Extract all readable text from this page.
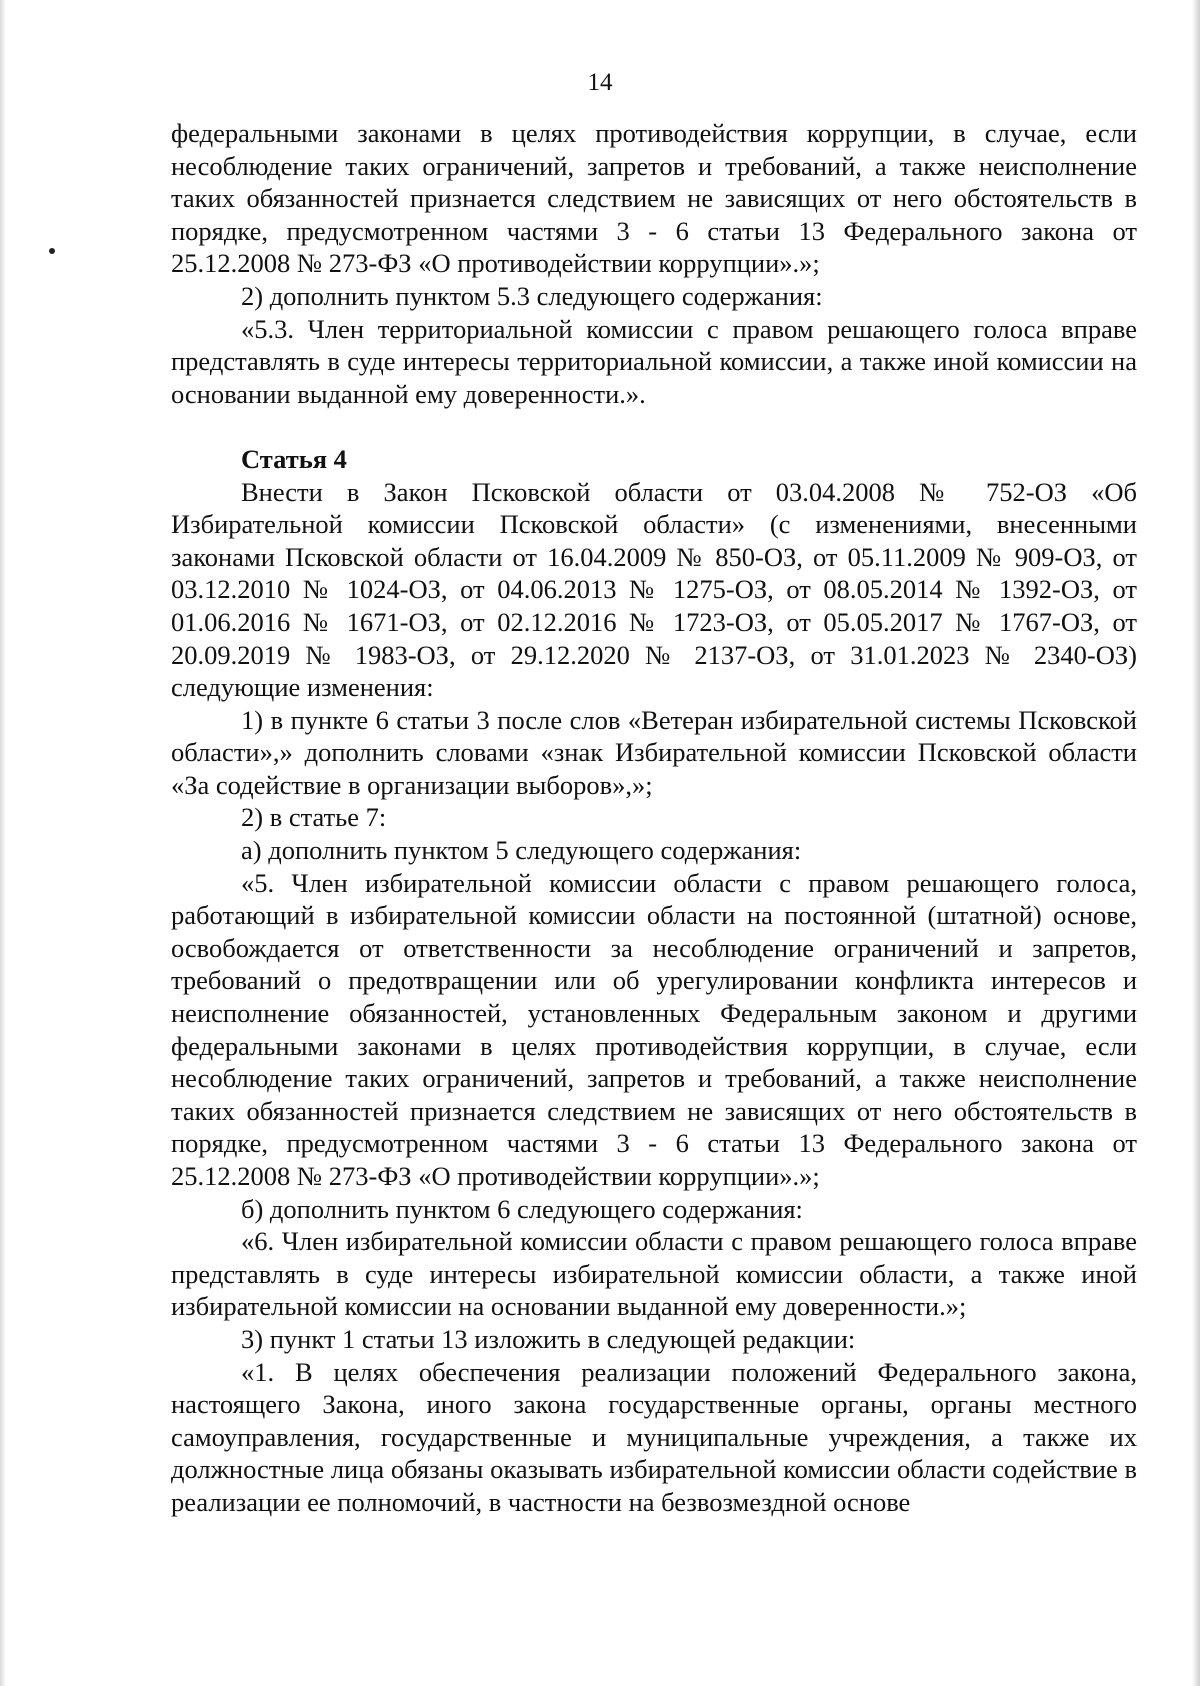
14

федеральными законами в целях противодействия коррупции, в случае, если несоблюдение таких ограничений, запретов и требований, а также неисполнение таких обязанностей признается следствием не зависящих от него обстоятельств в порядке, предусмотренном частями 3 - 6 статьи 13 Федерального закона от 25.12.2008 № 273-ФЗ «О противодействии коррупции».»;

2) дополнить пунктом 5.3 следующего содержания:

«5.3. Член территориальной комиссии с правом решающего голоса вправе представлять в суде интересы территориальной комиссии, а также иной комиссии на основании выданной ему доверенности.».

Статья 4

Внести в Закон Псковской области от 03.04.2008 № 752-ОЗ «Об Избирательной комиссии Псковской области» (с изменениями, внесенными законами Псковской области от 16.04.2009 № 850-ОЗ, от 05.11.2009 № 909-ОЗ, от 03.12.2010 № 1024-ОЗ, от 04.06.2013 № 1275-ОЗ, от 08.05.2014 № 1392-ОЗ, от 01.06.2016 № 1671-ОЗ, от 02.12.2016 № 1723-ОЗ, от 05.05.2017 № 1767-ОЗ, от 20.09.2019 № 1983-ОЗ, от 29.12.2020 № 2137-ОЗ, от 31.01.2023 № 2340-ОЗ) следующие изменения:

1) в пункте 6 статьи 3 после слов «Ветеран избирательной системы Псковской области»,» дополнить словами «знак Избирательной комиссии Псковской области «За содействие в организации выборов»,»;

2) в статье 7:

а) дополнить пунктом 5 следующего содержания:

«5. Член избирательной комиссии области с правом решающего голоса, работающий в избирательной комиссии области на постоянной (штатной) основе, освобождается от ответственности за несоблюдение ограничений и запретов, требований о предотвращении или об урегулировании конфликта интересов и неисполнение обязанностей, установленных Федеральным законом и другими федеральными законами в целях противодействия коррупции, в случае, если несоблюдение таких ограничений, запретов и требований, а также неисполнение таких обязанностей признается следствием не зависящих от него обстоятельств в порядке, предусмотренном частями 3 - 6 статьи 13 Федерального закона от 25.12.2008 № 273-ФЗ «О противодействии коррупции».»;

б) дополнить пунктом 6 следующего содержания:

«6. Член избирательной комиссии области с правом решающего голоса вправе представлять в суде интересы избирательной комиссии области, а также иной избирательной комиссии на основании выданной ему доверенности.»;

3) пункт 1 статьи 13 изложить в следующей редакции:

«1. В целях обеспечения реализации положений Федерального закона, настоящего Закона, иного закона государственные органы, органы местного самоуправления, государственные и муниципальные учреждения, а также их должностные лица обязаны оказывать избирательной комиссии области содействие в реализации ее полномочий, в частности на безвозмездной основе
